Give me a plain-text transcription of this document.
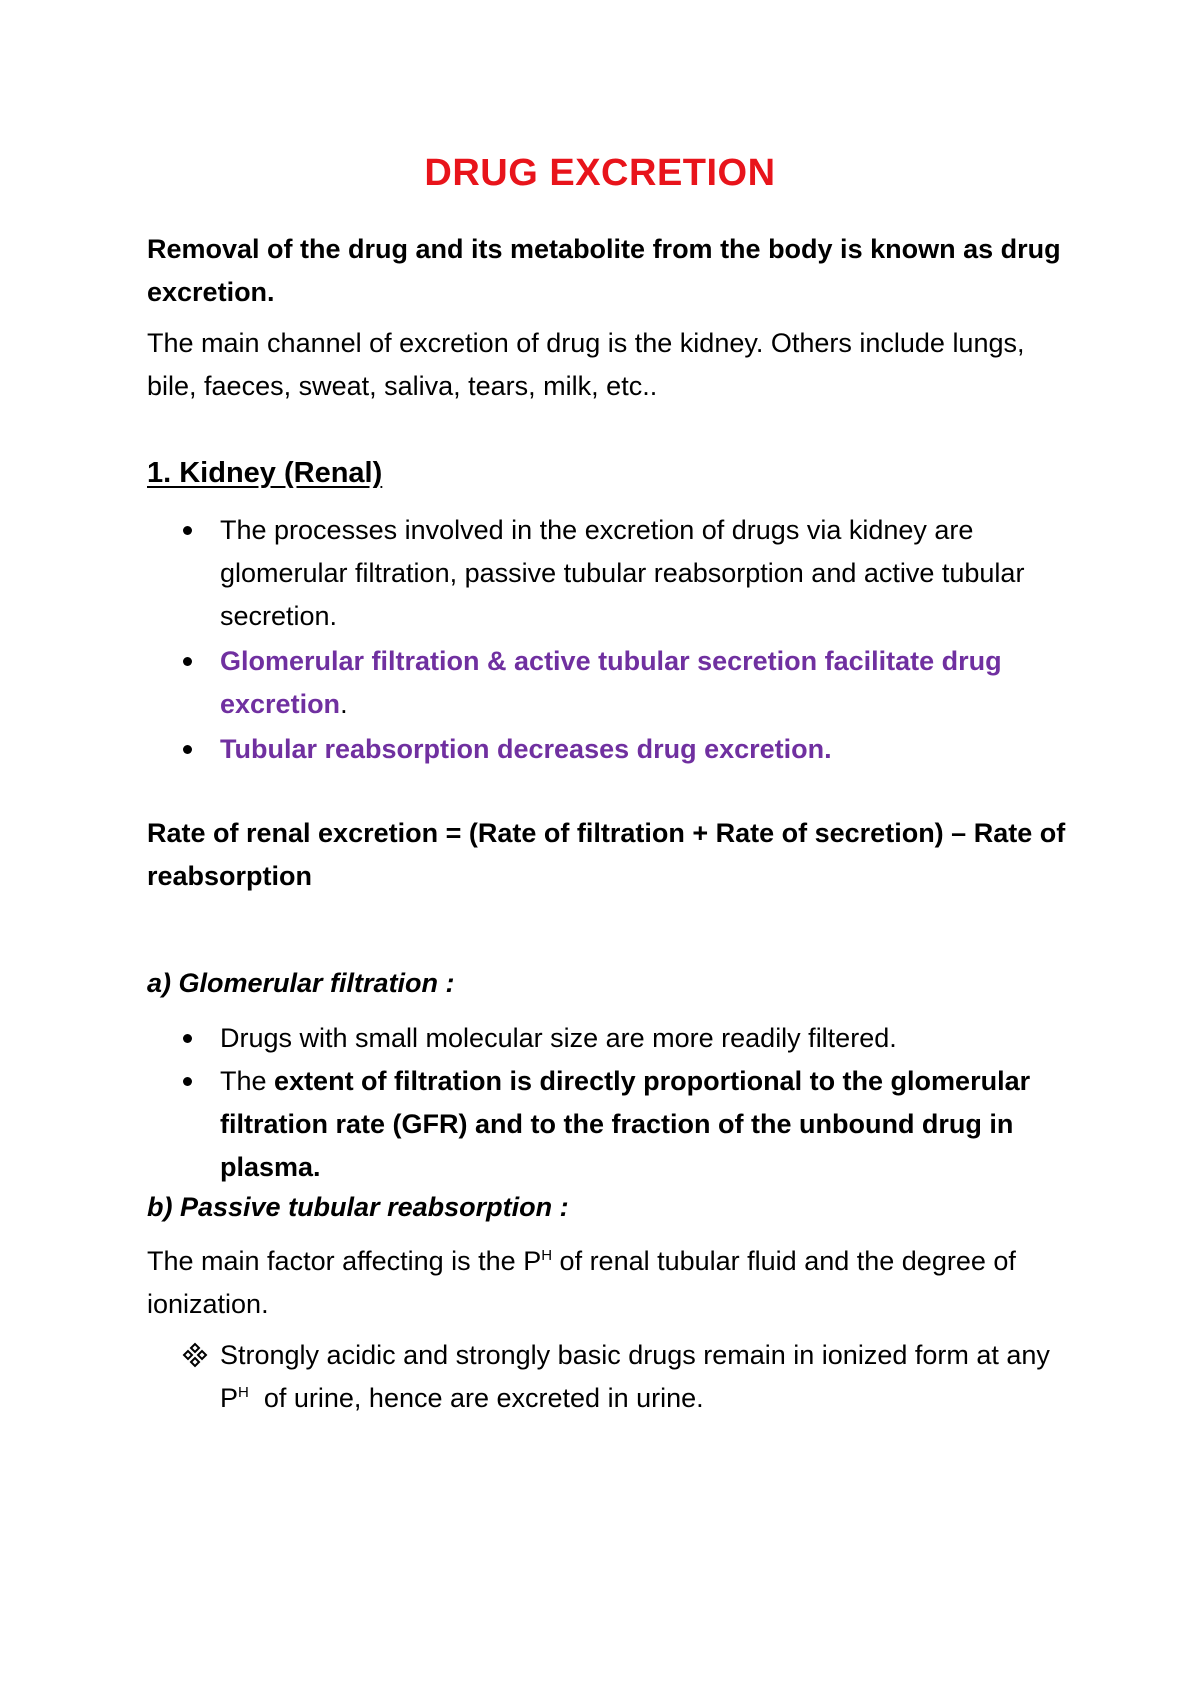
DRUG EXCRETION
Removal of the drug and its metabolite from the body is known as drug excretion.
The main channel of excretion of drug is the kidney. Others include lungs, bile, faeces, sweat, saliva, tears, milk, etc..
1. Kidney (Renal)
The processes involved in the excretion of drugs via kidney are glomerular filtration, passive tubular reabsorption and active tubular secretion.
Glomerular filtration & active tubular secretion facilitate drug excretion.
Tubular reabsorption decreases drug excretion.
Rate of renal excretion = (Rate of filtration + Rate of secretion) – Rate of reabsorption
a) Glomerular filtration :
Drugs with small molecular size are more readily filtered.
The extent of filtration is directly proportional to the glomerular filtration rate (GFR) and to the fraction of the unbound drug in plasma.
b) Passive tubular reabsorption :
The main factor affecting is the $P^H$ of renal tubular fluid and the degree of ionization.
Strongly acidic and strongly basic drugs remain in ionized form at any $P^H$  of urine, hence are excreted in urine.
